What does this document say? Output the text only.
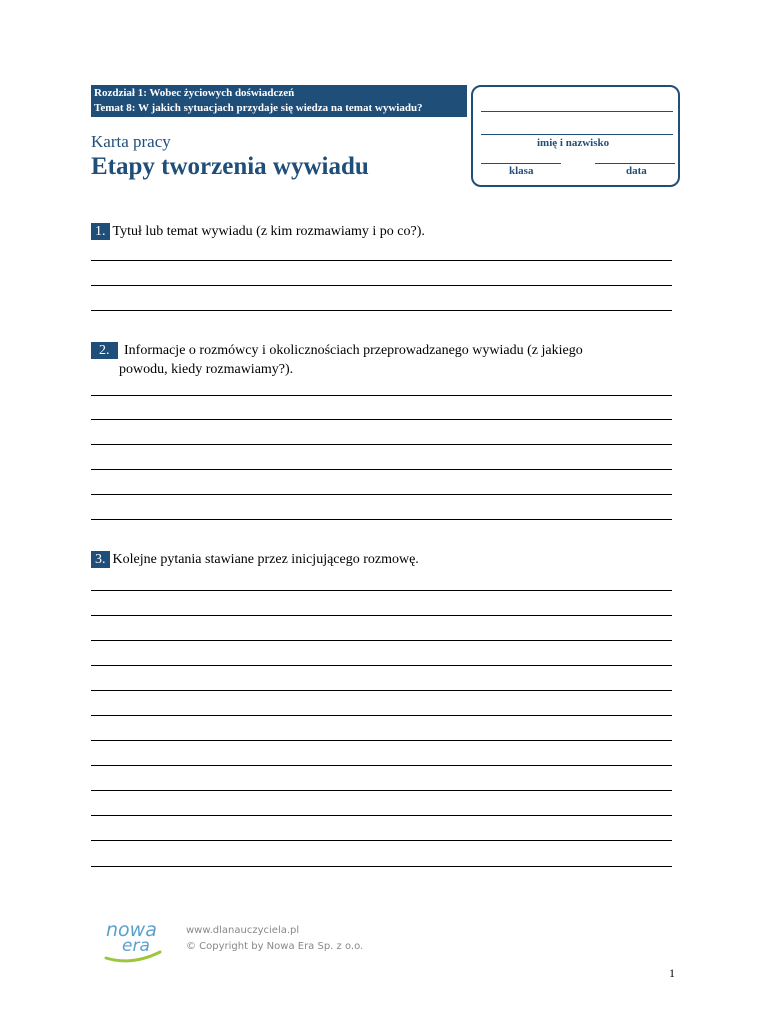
Rozdział 1: Wobec życiowych doświadczeń
Temat 8: W jakich sytuacjach przydaje się wiedza na temat wywiadu?
Karta pracy
Etapy tworzenia wywiadu
imię i nazwisko
klasa	data
1. Tytuł lub temat wywiadu (z kim rozmawiamy i po co?).
2. Informacje o rozmówcy i okolicznościach przeprowadzanego wywiadu (z jakiego
powodu, kiedy rozmawiamy?).
3. Kolejne pytania stawiane przez inicjującego rozmowę.
nowa
era
www.dlanauczyciela.pl
© Copyright by Nowa Era Sp. z o.o.
1
